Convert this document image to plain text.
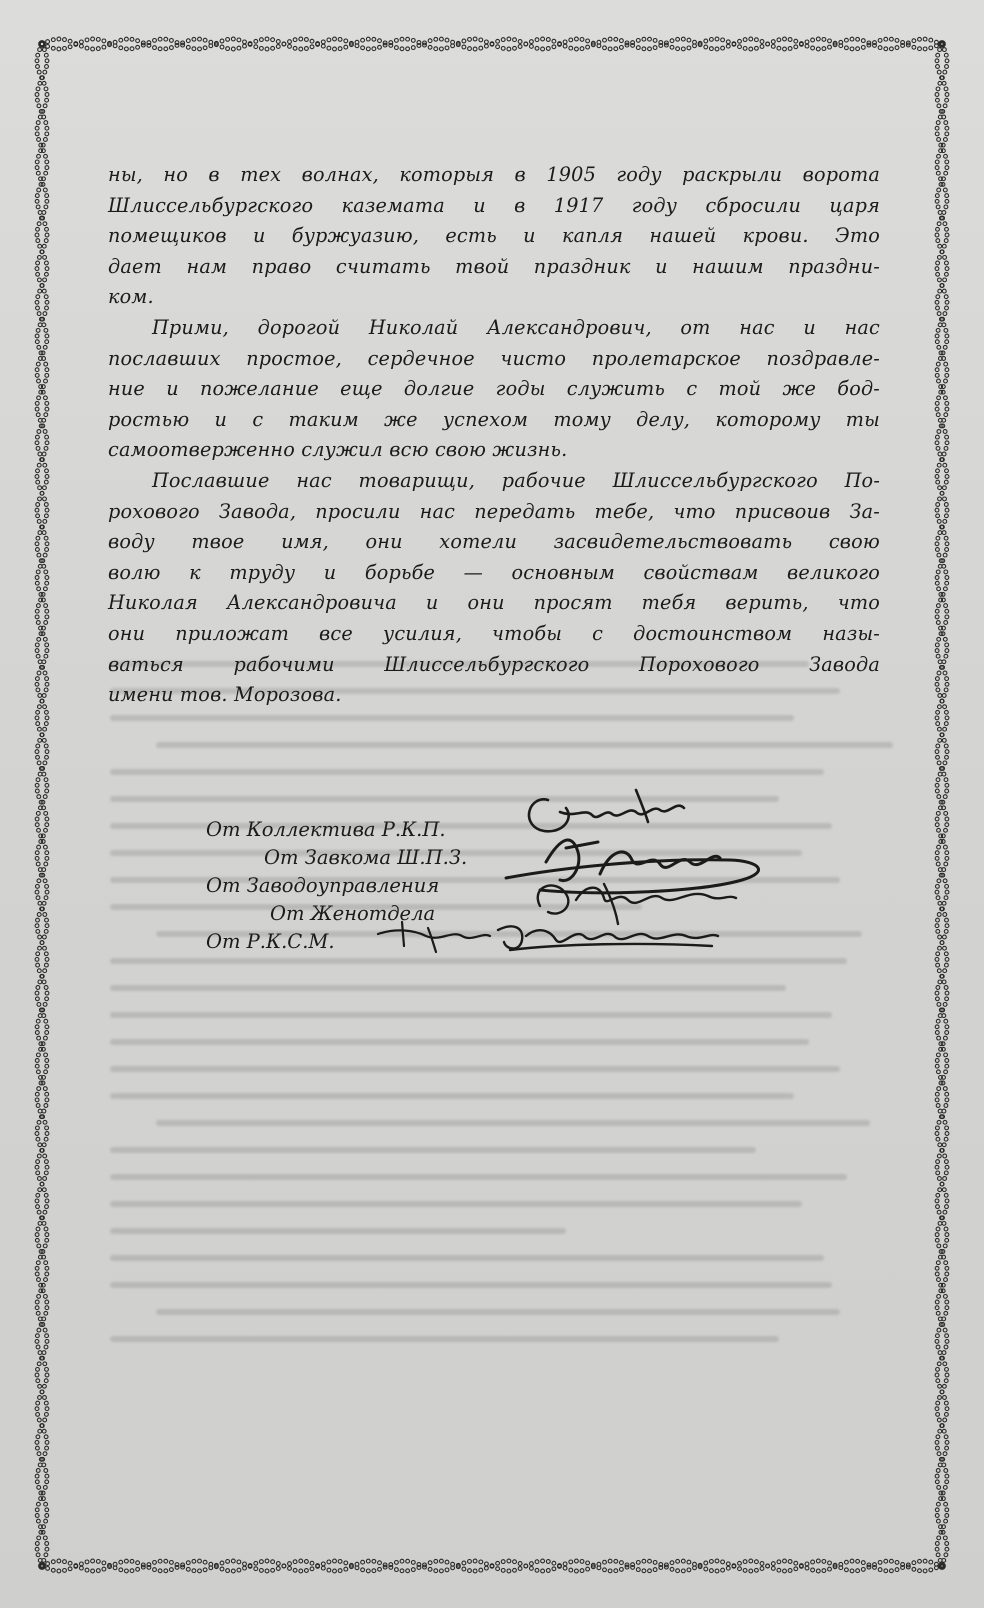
ны, но в тех волнах, которыя в 1905 году раскрыли ворота
Шлиссельбургского каземата и в 1917 году сбросили царя
помещиков и буржуазию, есть и капля нашей крови. Это
дает нам право считать твой праздник и нашим праздни-
ком.
Прими, дорогой Николай Александрович, от нас и нас
пославших простое, сердечное чисто пролетарское поздравле-
ние и пожелание еще долгие годы служить с той же бод-
ростью и с таким же успехом тому делу, которому ты
самоотверженно служил всю свою жизнь.
Пославшие нас товарищи, рабочие Шлиссельбургского По-
рохового Завода, просили нас передать тебе, что присвоив За-
воду твое имя, они хотели засвидетельствовать свою
волю к труду и борьбе — основным свойствам великого
Николая Александровича и они просят тебя верить, что
они приложат все усилия, чтобы с достоинством назы-
ваться рабочими Шлиссельбургского Порохового Завода
имени тов. Морозова.
От Коллектива Р.К.П.
От Завкома Ш.П.З.
От Заводоуправления
От Женотдела
От Р.К.С.М.
